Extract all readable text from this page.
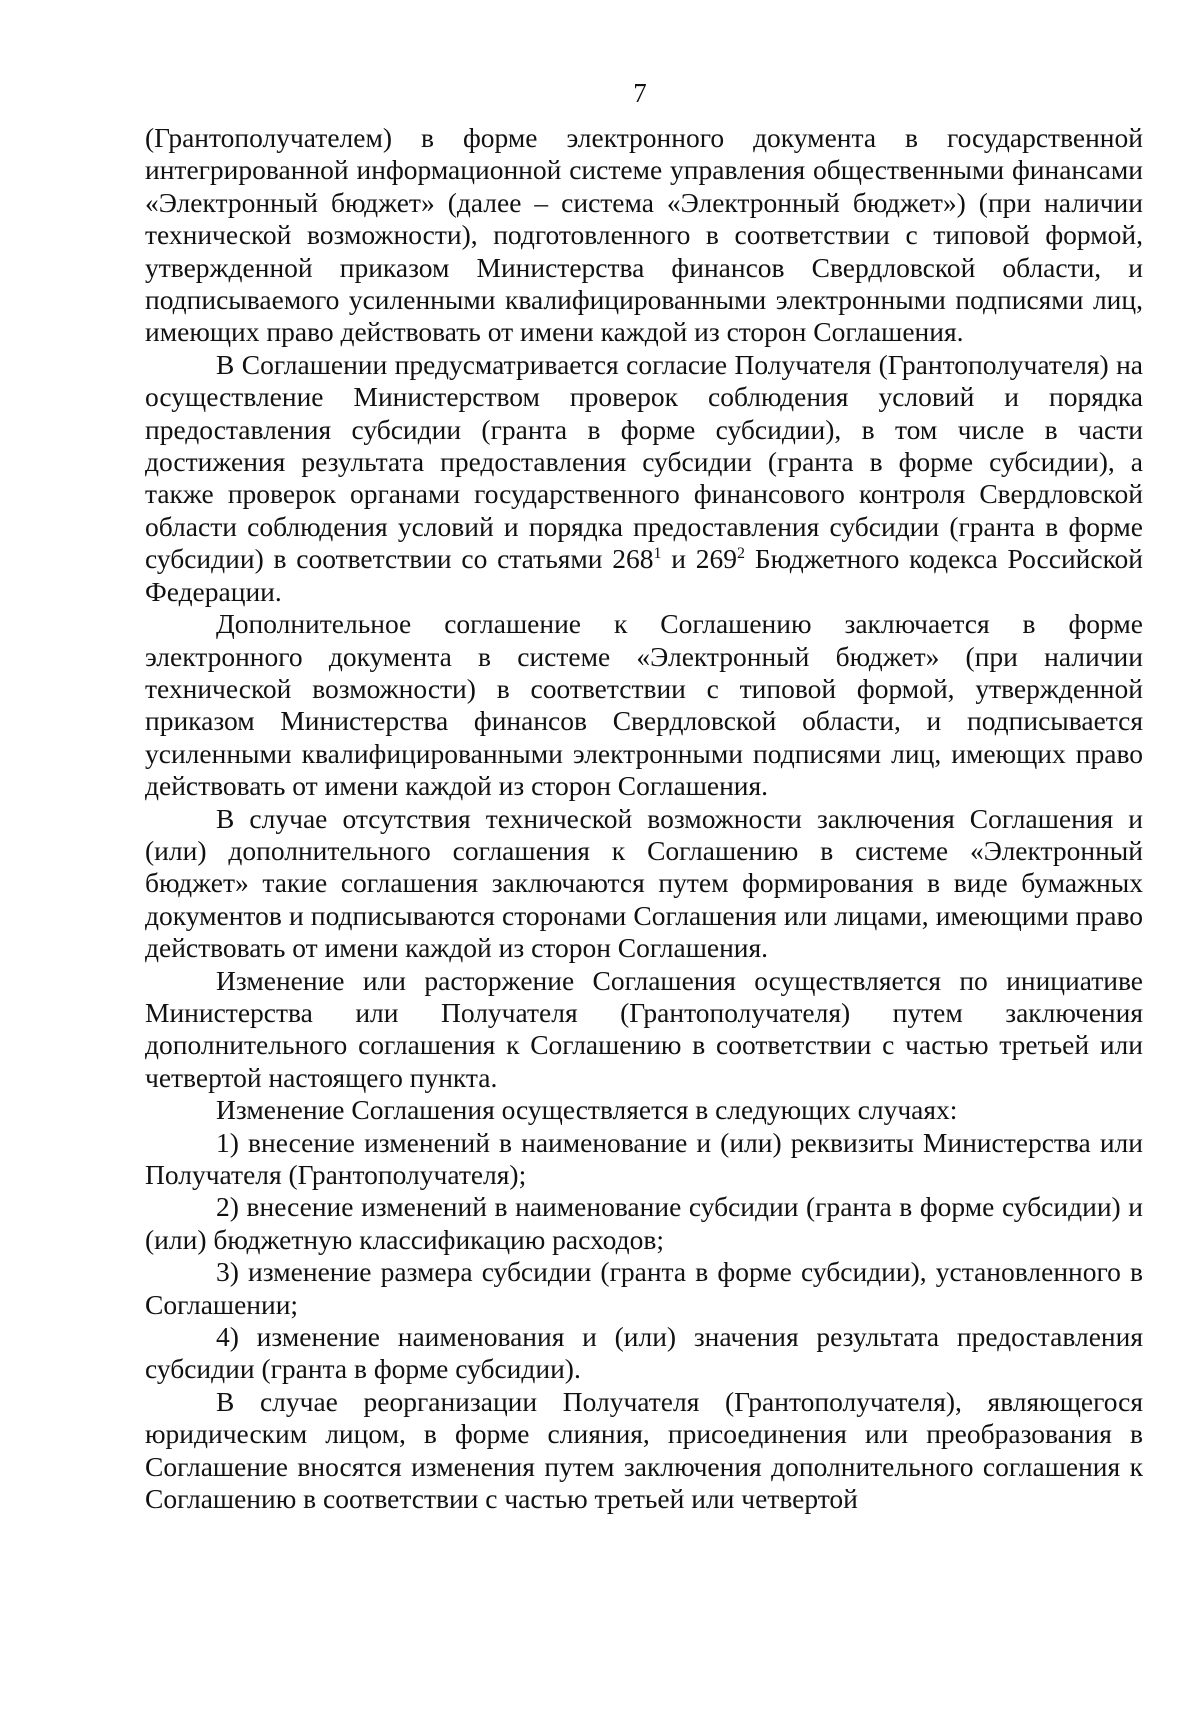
7

(Грантополучателем) в форме электронного документа в государственной интегрированной информационной системе управления общественными финансами «Электронный бюджет» (далее – система «Электронный бюджет») (при наличии технической возможности), подготовленного в соответствии с типовой формой, утвержденной приказом Министерства финансов Свердловской области, и подписываемого усиленными квалифицированными электронными подписями лиц, имеющих право действовать от имени каждой из сторон Соглашения.

В Соглашении предусматривается согласие Получателя (Грантополучателя) на осуществление Министерством проверок соблюдения условий и порядка предоставления субсидии (гранта в форме субсидии), в том числе в части достижения результата предоставления субсидии (гранта в форме субсидии), а также проверок органами государственного финансового контроля Свердловской области соблюдения условий и порядка предоставления субсидии (гранта в форме субсидии) в соответствии со статьями $268^1$ и $269^2$ Бюджетного кодекса Российской Федерации.

Дополнительное соглашение к Соглашению заключается в форме электронного документа в системе «Электронный бюджет» (при наличии технической возможности) в соответствии с типовой формой, утвержденной приказом Министерства финансов Свердловской области, и подписывается усиленными квалифицированными электронными подписями лиц, имеющих право действовать от имени каждой из сторон Соглашения.

В случае отсутствия технической возможности заключения Соглашения и (или) дополнительного соглашения к Соглашению в системе «Электронный бюджет» такие соглашения заключаются путем формирования в виде бумажных документов и подписываются сторонами Соглашения или лицами, имеющими право действовать от имени каждой из сторон Соглашения.

Изменение или расторжение Соглашения осуществляется по инициативе Министерства или Получателя (Грантополучателя) путем заключения дополнительного соглашения к Соглашению в соответствии с частью третьей или четвертой настоящего пункта.

Изменение Соглашения осуществляется в следующих случаях:

1) внесение изменений в наименование и (или) реквизиты Министерства или Получателя (Грантополучателя);

2) внесение изменений в наименование субсидии (гранта в форме субсидии) и (или) бюджетную классификацию расходов;

3) изменение размера субсидии (гранта в форме субсидии), установленного в Соглашении;

4) изменение наименования и (или) значения результата предоставления субсидии (гранта в форме субсидии).

В случае реорганизации Получателя (Грантополучателя), являющегося юридическим лицом, в форме слияния, присоединения или преобразования в Соглашение вносятся изменения путем заключения дополнительного соглашения к Соглашению в соответствии с частью третьей или четвертой
